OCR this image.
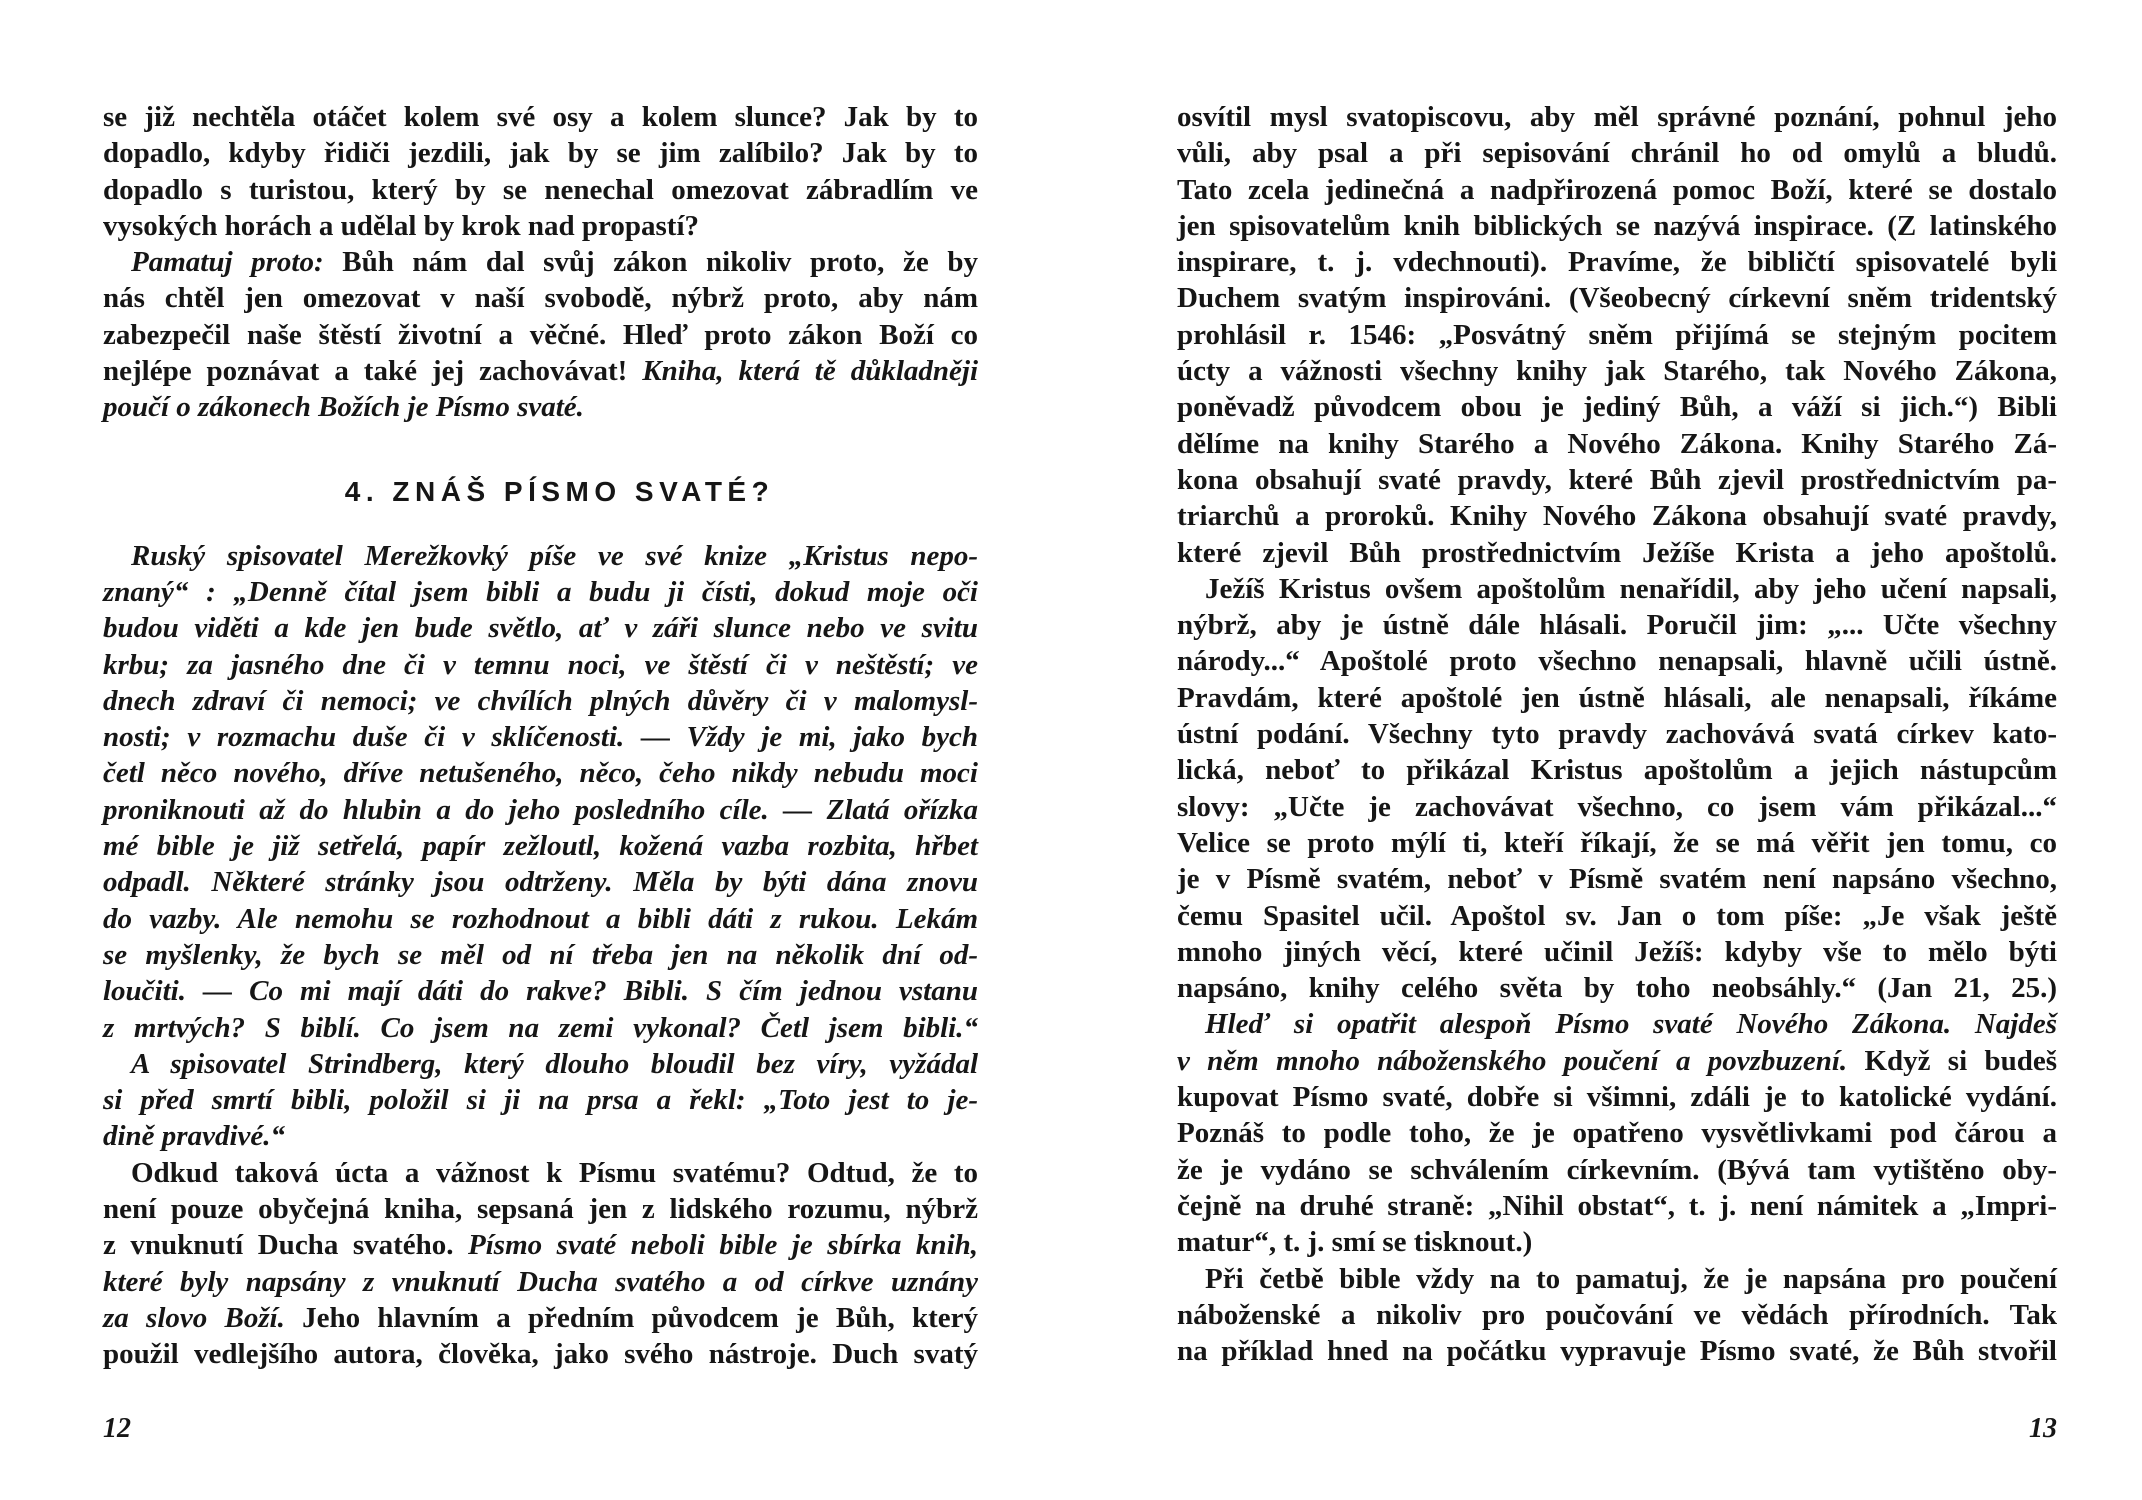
se již nechtěla otáčet kolem své osy a kolem slunce? Jak by to
dopadlo, kdyby řidiči jezdili, jak by se jim zalíbilo? Jak by to
dopadlo s turistou, který by se nenechal omezovat zábradlím ve
vysokých horách a udělal by krok nad propastí?
Pamatuj proto: Bůh nám dal svůj zákon nikoliv proto, že by
nás chtěl jen omezovat v naší svobodě, nýbrž proto, aby nám
zabezpečil naše štěstí životní a věčné. Hleď proto zákon Boží co
nejlépe poznávat a také jej zachovávat! Kniha, která tě důkladněji
poučí o zákonech Božích je Písmo svaté.
4. ZNÁŠ PÍSMO SVATÉ?
Ruský spisovatel Merežkovký píše ve své knize „Kristus nepo-
znaný“ : „Denně čítal jsem bibli a budu ji čísti, dokud moje oči
budou viděti a kde jen bude světlo, ať v záři slunce nebo ve svitu
krbu; za jasného dne či v temnu noci, ve štěstí či v neštěstí; ve
dnech zdraví či nemoci; ve chvílích plných důvěry či v malomysl-
nosti; v rozmachu duše či v sklíčenosti. — Vždy je mi, jako bych
četl něco nového, dříve netušeného, něco, čeho nikdy nebudu moci
proniknouti až do hlubin a do jeho posledního cíle. — Zlatá ořízka
mé bible je již setřelá, papír zežloutl, kožená vazba rozbita, hřbet
odpadl. Některé stránky jsou odtrženy. Měla by býti dána znovu
do vazby. Ale nemohu se rozhodnout a bibli dáti z rukou. Lekám
se myšlenky, že bych se měl od ní třeba jen na několik dní od-
loučiti. — Co mi mají dáti do rakve? Bibli. S čím jednou vstanu
z mrtvých? S biblí. Co jsem na zemi vykonal? Četl jsem bibli.“
A spisovatel Strindberg, který dlouho bloudil bez víry, vyžádal
si před smrtí bibli, položil si ji na prsa a řekl: „Toto jest to je-
dině pravdivé.“
Odkud taková úcta a vážnost k Písmu svatému? Odtud, že to
není pouze obyčejná kniha, sepsaná jen z lidského rozumu, nýbrž
z vnuknutí Ducha svatého. Písmo svaté neboli bible je sbírka knih,
které byly napsány z vnuknutí Ducha svatého a od církve uznány
za slovo Boží. Jeho hlavním a předním původcem je Bůh, který
použil vedlejšího autora, člověka, jako svého nástroje. Duch svatý
12
osvítil mysl svatopiscovu, aby měl správné poznání, pohnul jeho
vůli, aby psal a při sepisování chránil ho od omylů a bludů.
Tato zcela jedinečná a nadpřirozená pomoc Boží, které se dostalo
jen spisovatelům knih biblických se nazývá inspirace. (Z latinského
inspirare, t. j. vdechnouti). Pravíme, že bibličtí spisovatelé byli
Duchem svatým inspirováni. (Všeobecný církevní sněm tridentský
prohlásil r. 1546: „Posvátný sněm přijímá se stejným pocitem
úcty a vážnosti všechny knihy jak Starého, tak Nového Zákona,
poněvadž původcem obou je jediný Bůh, a váží si jich.“) Bibli
dělíme na knihy Starého a Nového Zákona. Knihy Starého Zá-
kona obsahují svaté pravdy, které Bůh zjevil prostřednictvím pa-
triarchů a proroků. Knihy Nového Zákona obsahují svaté pravdy,
které zjevil Bůh prostřednictvím Ježíše Krista a jeho apoštolů.
Ježíš Kristus ovšem apoštolům nenařídil, aby jeho učení napsali,
nýbrž, aby je ústně dále hlásali. Poručil jim: „... Učte všechny
národy...“ Apoštolé proto všechno nenapsali, hlavně učili ústně.
Pravdám, které apoštolé jen ústně hlásali, ale nenapsali, říkáme
ústní podání. Všechny tyto pravdy zachovává svatá církev kato-
lická, neboť to přikázal Kristus apoštolům a jejich nástupcům
slovy: „Učte je zachovávat všechno, co jsem vám přikázal...“
Velice se proto mýlí ti, kteří říkají, že se má věřit jen tomu, co
je v Písmě svatém, neboť v Písmě svatém není napsáno všechno,
čemu Spasitel učil. Apoštol sv. Jan o tom píše: „Je však ještě
mnoho jiných věcí, které učinil Ježíš: kdyby vše to mělo býti
napsáno, knihy celého světa by toho neobsáhly.“ (Jan 21, 25.)
Hleď si opatřit alespoň Písmo svaté Nového Zákona. Najdeš
v něm mnoho náboženského poučení a povzbuzení. Když si budeš
kupovat Písmo svaté, dobře si všimni, zdáli je to katolické vydání.
Poznáš to podle toho, že je opatřeno vysvětlivkami pod čárou a
že je vydáno se schválením církevním. (Bývá tam vytištěno oby-
čejně na druhé straně: „Nihil obstat“, t. j. není námitek a „Impri-
matur“, t. j. smí se tisknout.)
Při četbě bible vždy na to pamatuj, že je napsána pro poučení
náboženské a nikoliv pro poučování ve vědách přírodních. Tak
na příklad hned na počátku vypravuje Písmo svaté, že Bůh stvořil
13
